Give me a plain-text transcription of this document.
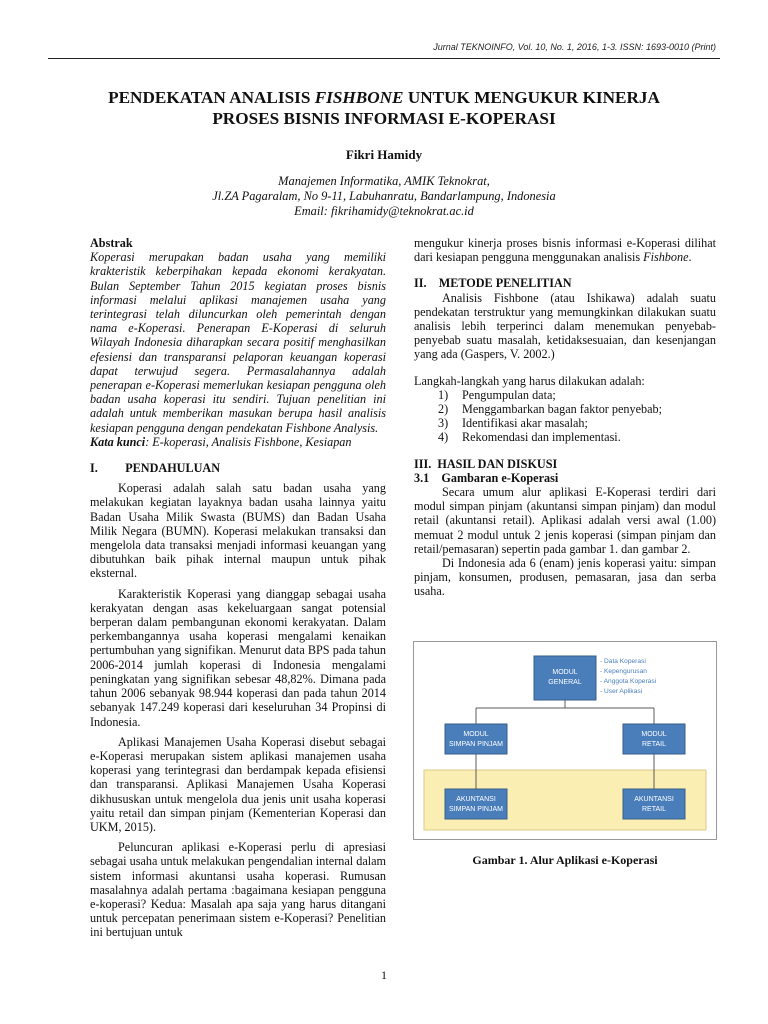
Jurnal TEKNOINFO, Vol. 10, No. 1, 2016, 1-3. ISSN: 1693-0010 (Print)
PENDEKATAN ANALISIS FISHBONE UNTUK MENGUKUR KINERJA
PROSES BISNIS INFORMASI E-KOPERASI
Fikri Hamidy
Manajemen Informatika, AMIK Teknokrat,
Jl.ZA Pagaralam, No 9-11, Labuhanratu, Bandarlampung, Indonesia
Email: fikrihamidy@teknokrat.ac.id

Abstrak

Koperasi merupakan badan usaha yang memiliki krakteristik keberpihakan kepada ekonomi kerakyatan. Bulan September Tahun 2015 kegiatan proses bisnis informasi melalui aplikasi manajemen usaha yang terintegrasi telah diluncurkan oleh pemerintah dengan nama e-Koperasi. Penerapan E-Koperasi di seluruh Wilayah Indonesia diharapkan secara positif menghasilkan efesiensi dan transparansi pelaporan keuangan koperasi dapat terwujud segera. Permasalahannya adalah penerapan e-Koperasi memerlukan kesiapan pengguna oleh badan usaha koperasi itu sendiri. Tujuan penelitian ini adalah untuk memberikan masukan berupa hasil analisis kesiapan pengguna dengan pendekatan Fishbone Analysis.

Kata kunci: E-koperasi, Analisis Fishbone, Kesiapan

I.         PENDAHULUAN

Koperasi adalah salah satu badan usaha yang melakukan kegiatan layaknya badan usaha lainnya yaitu Badan Usaha Milik Swasta (BUMS) dan Badan Usaha Milik Negara (BUMN). Koperasi melakukan transaksi dan mengelola data transaksi menjadi informasi keuangan yang dibutuhkan baik pihak internal maupun untuk pihak eksternal.

Karakteristik Koperasi yang dianggap sebagai usaha kerakyatan dengan asas kekeluargaan sangat potensial berperan dalam pembangunan ekonomi kerakyatan. Dalam perkembangannya usaha koperasi mengalami kenaikan pertumbuhan yang signifikan. Menurut data BPS pada tahun 2006-2014 jumlah koperasi di Indonesia mengalami peningkatan yang signifikan sebesar 48,82%. Dimana pada tahun 2006 sebanyak 98.944 koperasi dan pada tahun 2014 sebanyak 147.249 koperasi dari keseluruhan 34 Propinsi di Indonesia.

Aplikasi Manajemen Usaha Koperasi disebut sebagai e-Koperasi merupakan sistem aplikasi manajemen usaha koperasi yang terintegrasi dan berdampak kepada efisiensi dan transparansi. Aplikasi Manajemen Usaha Koperasi dikhususkan untuk mengelola dua jenis unit usaha koperasi yaitu retail dan simpan pinjam (Kementerian Koperasi dan UKM, 2015).

Peluncuran aplikasi e-Koperasi perlu di apresiasi sebagai usaha untuk melakukan pengendalian internal dalam sistem informasi akuntansi usaha koperasi. Rumusan masalahnya adalah pertama :bagaimana kesiapan pengguna e-koperasi? Kedua: Masalah apa saja yang harus ditangani untuk percepatan penerimaan sistem e-Koperasi? Penelitian ini bertujuan untuk

mengukur kinerja proses bisnis informasi e-Koperasi dilihat dari kesiapan pengguna menggunakan analisis Fishbone.

II.    METODE PENELITIAN

Analisis Fishbone (atau Ishikawa) adalah suatu pendekatan terstruktur yang memungkinkan dilakukan suatu analisis lebih terperinci dalam menemukan penyebab-penyebab suatu masalah, ketidaksesuaian, dan kesenjangan yang ada (Gaspers, V. 2002.)

Langkah-langkah yang harus dilakukan adalah:

1)	Pengumpulan data;
2)	Menggambarkan bagan faktor penyebab;
3)	Identifikasi akar masalah;
4)	Rekomendasi dan implementasi.

III.  HASIL DAN DISKUSI

3.1    Gambaran e-Koperasi

Secara umum alur aplikasi E-Koperasi terdiri dari modul simpan pinjam (akuntansi simpan pinjam) dan modul retail (akuntansi retail). Aplikasi adalah versi awal (1.00) memuat 2 modul untuk 2 jenis koperasi (simpan pinjam dan retail/pemasaran) sepertin pada gambar 1. dan gambar 2.

Di Indonesia ada 6 (enam) jenis koperasi yaitu: simpan pinjam, konsumen, produsen, pemasaran, jasa dan serba usaha.

MODUL
GENERAL
- Data Koperasi
- Kepengurusan
- Anggota Koperasi
- User Aplikasi
MODUL
SIMPAN PINJAM
MODUL
RETAIL
AKUNTANSI
SIMPAN PINJAM
AKUNTANSI
RETAIL
Gambar 1. Alur Aplikasi e-Koperasi
1
